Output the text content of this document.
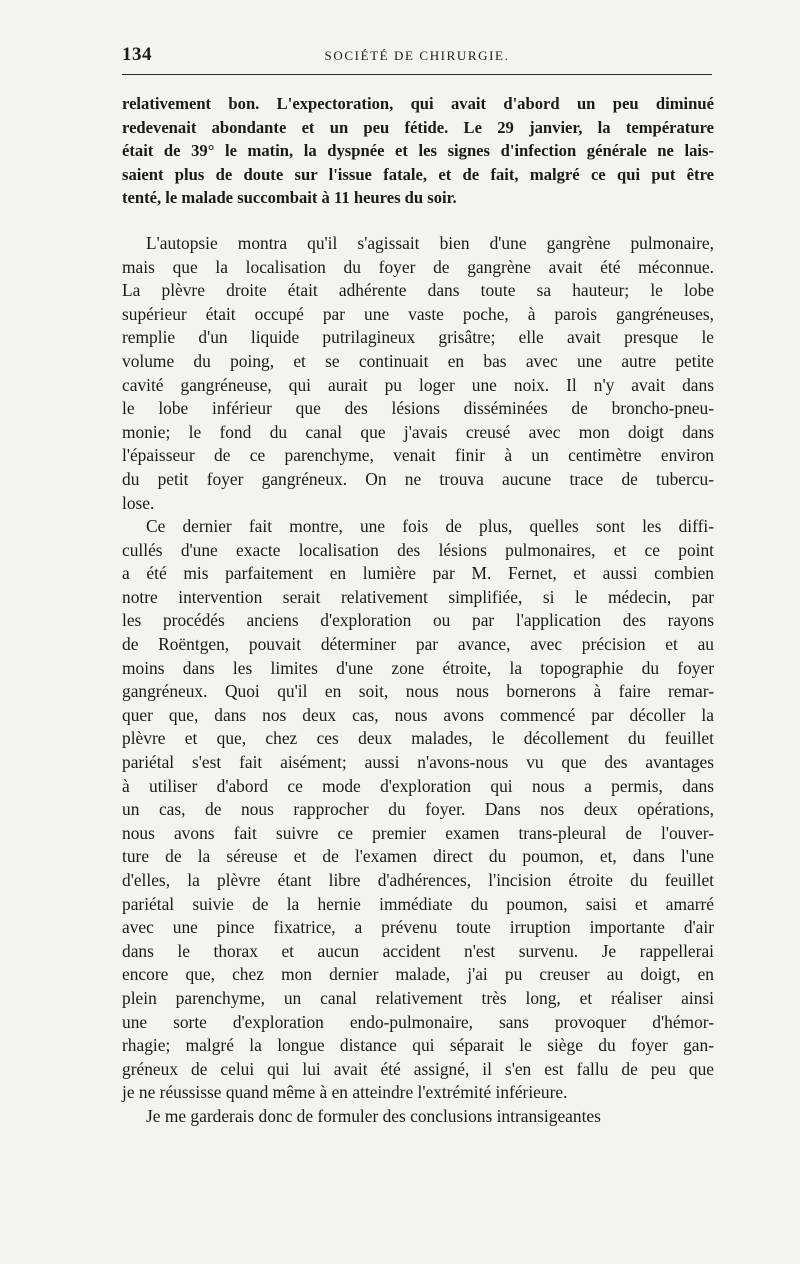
134	SOCIÉTÉ DE CHIRURGIE.
relativement bon. L'expectoration, qui avait d'abord un peu diminué
redevenait abondante et un peu fétide. Le 29 janvier, la température
était de 39° le matin, la dyspnée et les signes d'infection générale ne lais-
saient plus de doute sur l'issue fatale, et de fait, malgré ce qui put être
tenté, le malade succombait à 11 heures du soir.
L'autopsie montra qu'il s'agissait bien d'une gangrène pulmonaire,
mais que la localisation du foyer de gangrène avait été méconnue.
La plèvre droite était adhérente dans toute sa hauteur; le lobe
supérieur était occupé par une vaste poche, à parois gangréneuses,
remplie d'un liquide putrilagineux grisâtre; elle avait presque le
volume du poing, et se continuait en bas avec une autre petite
cavité gangréneuse, qui aurait pu loger une noix. Il n'y avait dans
le lobe inférieur que des lésions disséminées de broncho-pneu-
monie; le fond du canal que j'avais creusé avec mon doigt dans
l'épaisseur de ce parenchyme, venait finir à un centimètre environ
du petit foyer gangréneux. On ne trouva aucune trace de tubercu-
lose.
Ce dernier fait montre, une fois de plus, quelles sont les diffi-
cullés d'une exacte localisation des lésions pulmonaires, et ce point
a été mis parfaitement en lumière par M. Fernet, et aussi combien
notre intervention serait relativement simplifiée, si le médecin, par
les procédés anciens d'exploration ou par l'application des rayons
de Roëntgen, pouvait déterminer par avance, avec précision et au
moins dans les limites d'une zone étroite, la topographie du foyer
gangréneux. Quoi qu'il en soit, nous nous bornerons à faire remar-
quer que, dans nos deux cas, nous avons commencé par décoller la
plèvre et que, chez ces deux malades, le décollement du feuillet
pariétal s'est fait aisément; aussi n'avons-nous vu que des avantages
à utiliser d'abord ce mode d'exploration qui nous a permis, dans
un cas, de nous rapprocher du foyer. Dans nos deux opérations,
nous avons fait suivre ce premier examen trans-pleural de l'ouver-
ture de la séreuse et de l'examen direct du poumon, et, dans l'une
d'elles, la plèvre étant libre d'adhérences, l'incision étroite du feuillet
pariétal suivie de la hernie immédiate du poumon, saisi et amarré
avec une pince fixatrice, a prévenu toute irruption importante d'air
dans le thorax et aucun accident n'est survenu. Je rappellerai
encore que, chez mon dernier malade, j'ai pu creuser au doigt, en
plein parenchyme, un canal relativement très long, et réaliser ainsi
une sorte d'exploration endo-pulmonaire, sans provoquer d'hémor-
rhagie; malgré la longue distance qui séparait le siège du foyer gan-
gréneux de celui qui lui avait été assigné, il s'en est fallu de peu que
je ne réussisse quand même à en atteindre l'extrémité inférieure.
Je me garderais donc de formuler des conclusions intransigeantes
